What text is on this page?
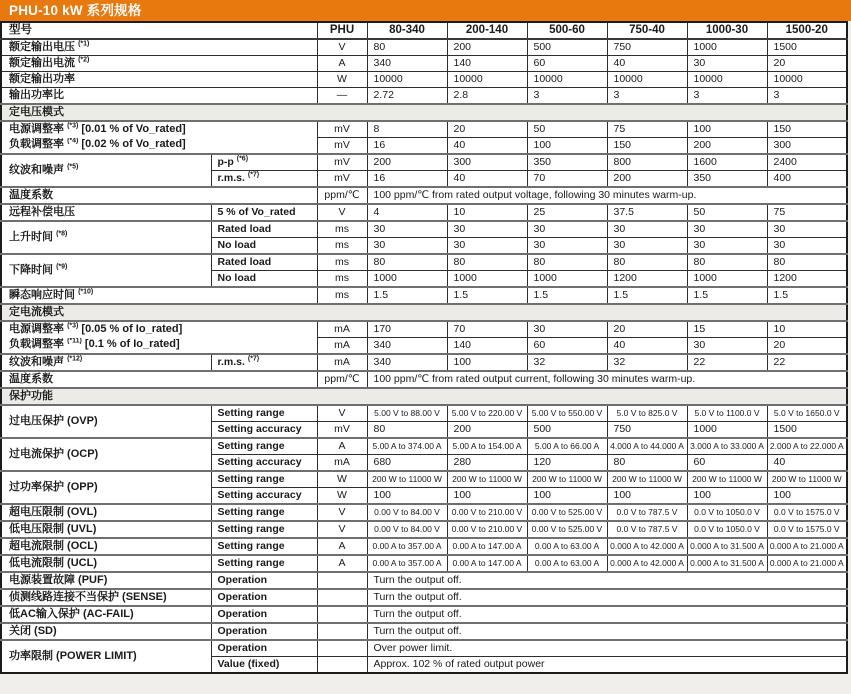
PHU-10 kW 系列规格
型号		PHU	80-340	200-140	500-60	750-40	1000-30	1500-20
额定输出电压 $^{(*1)}$		V	80	200	500	750	1000	1500
额定输出电流 $^{(*2)}$		A	340	140	60	40	30	20
额定输出功率		W	10000	10000	10000	10000	10000	10000
输出功率比		—	2.72	2.8	3	3	3	3
定电压模式								
电源调整率 $^{(*3)}$ [0.01 % of Vo_rated]		mV	8	20	50	75	100	150
负载调整率 $^{(*4)}$ [0.02 % of Vo_rated]		mV	16	40	100	150	200	300
纹波和噪声 $^{(*5)}$	p-p $^{(*6)}$	mV	200	300	350	800	1600	2400
	r.m.s. $^{(*7)}$	mV	16	40	70	200	350	400
温度系数		ppm/℃	100 ppm/℃ from rated output voltage, following 30 minutes warm-up.					
远程补偿电压	5 % of Vo_rated	V	4	10	25	37.5	50	75
上升时间 $^{(*8)}$	Rated load	ms	30	30	30	30	30	30
	No load	ms	30	30	30	30	30	30
下降时间 $^{(*9)}$	Rated load	ms	80	80	80	80	80	80
	No load	ms	1000	1000	1000	1200	1000	1200
瞬态响应时间 $^{(*10)}$		ms	1.5	1.5	1.5	1.5	1.5	1.5
定电流模式								
电源调整率 $^{(*3)}$ [0.05 % of Io_rated]		mA	170	70	30	20	15	10
负载调整率 $^{(*11)}$ [0.1 % of Io_rated]		mA	340	140	60	40	30	20
纹波和噪声 $^{(*12)}$	r.m.s. $^{(*7)}$	mA	340	100	32	32	22	22
温度系数		ppm/℃	100 ppm/℃ from rated output current, following 30 minutes warm-up.					
保护功能								
过电压保护 (OVP)	Setting range	V	5.00 V to 88.00 V	5.00 V to 220.00 V	5.00 V to 550.00 V	5.0 V to 825.0 V	5.0 V to 1100.0 V	5.0 V to 1650.0 V
	Setting accuracy	mV	80	200	500	750	1000	1500
过电流保护 (OCP)	Setting range	A	5.00 A to 374.00 A	5.00 A to 154.00 A	5.00 A to 66.00 A	4.000 A to 44.000 A	3.000 A to 33.000 A	2.000 A to 22.000 A
	Setting accuracy	mA	680	280	120	80	60	40
过功率保护 (OPP)	Setting range	W	200 W to 11000 W	200 W to 11000 W	200 W to 11000 W	200 W to 11000 W	200 W to 11000 W	200 W to 11000 W
	Setting accuracy	W	100	100	100	100	100	100
超电压限制 (OVL)	Setting range	V	0.00 V to 84.00 V	0.00 V to 210.00 V	0.00 V to 525.00 V	0.0 V to 787.5 V	0.0 V to 1050.0 V	0.0 V to 1575.0 V
低电压限制 (UVL)	Setting range	V	0.00 V to 84.00 V	0.00 V to 210.00 V	0.00 V to 525.00 V	0.0 V to 787.5 V	0.0 V to 1050.0 V	0.0 V to 1575.0 V
超电流限制 (OCL)	Setting range	A	0.00 A to 357.00 A	0.00 A to 147.00 A	0.00 A to 63.00 A	0.000 A to 42.000 A	0.000 A to 31.500 A	0.000 A to 21.000 A
低电流限制 (UCL)	Setting range	A	0.00 A to 357.00 A	0.00 A to 147.00 A	0.00 A to 63.00 A	0.000 A to 42.000 A	0.000 A to 31.500 A	0.000 A to 21.000 A
电源装置故障 (PUF)	Operation		Turn the output off.					
侦测线路连接不当保护 (SENSE)	Operation		Turn the output off.					
低AC输入保护 (AC-FAIL)	Operation		Turn the output off.					
关闭 (SD)	Operation		Turn the output off.					
功率限制 (POWER LIMIT)	Operation		Over power limit.					
	Value (fixed)		Approx. 102 % of rated output power					
